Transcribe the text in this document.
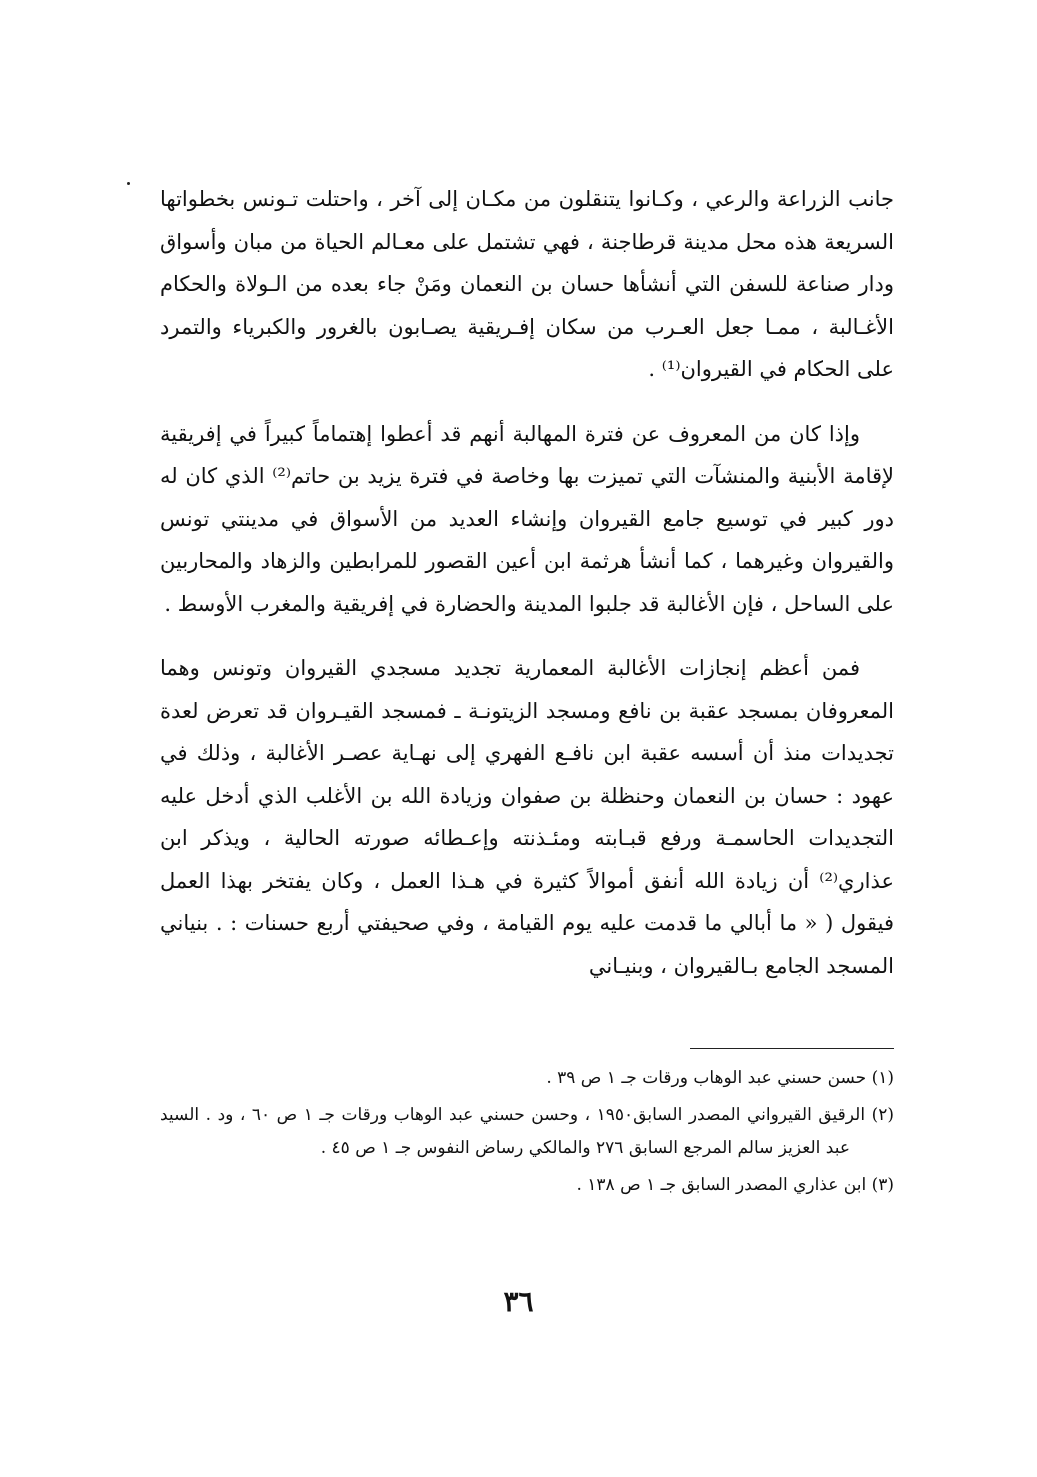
جانب الزراعة والرعي ، وكـانوا يتنقلون من مكـان إلى آخر ، واحتلت تـونس بخطواتها السريعة هذه محل مدينة قرطاجنة ، فهي تشتمل على معـالم الحياة من مبان وأسواق ودار صناعة للسفن التي أنشأها حسان بن النعمان ومَنْ جاء بعده من الـولاة والحكام الأغـالبة ، ممـا جعل العـرب من سكان إفـريقية يصـابون بالغرور والكبرياء والتمرد على الحكام في القيروان⁽¹⁾ .

وإذا كان من المعروف عن فترة المهالبة أنهم قد أعطوا إهتماماً كبيراً في إفريقية لإقامة الأبنية والمنشآت التي تميزت بها وخاصة في فترة يزيد بن حاتم⁽²⁾ الذي كان له دور كبير في توسيع جامع القيروان وإنشاء العديد من الأسواق في مدينتي تونس والقيروان وغيرهما ، كما أنشأ هرثمة ابن أعين القصور للمرابطين والزهاد والمحاربين على الساحل ، فإن الأغالبة قد جلبوا المدينة والحضارة في إفريقية والمغرب الأوسط .

فمن أعظم إنجازات الأغالبة المعمارية تجديد مسجدي القيروان وتونس وهما المعروفان بمسجد عقبة بن نافع ومسجد الزيتونـة ـ فمسجد القيـروان قد تعرض لعدة تجديدات منذ أن أسسه عقبة ابن نافـع الفهري إلى نهـاية عصـر الأغالبة ، وذلك في عهود : حسان بن النعمان وحنظلة بن صفوان وزيادة الله بن الأغلب الذي أدخل عليه التجديدات الحاسمـة ورفع قبـابته ومئـذنته وإعـطائه صورته الحالية ، ويذكر ابن عذاري⁽²⁾ أن زيادة الله أنفق أموالاً كثيرة في هـذا العمل ، وكان يفتخر بهذا العمل فيقول ( « ما أبالي ما قدمت عليه يوم القيامة ، وفي صحيفتي أربع حسنات : . بنياني المسجد الجامع بـالقيروان ، وبنيـاني

(١) حسن حسني عبد الوهاب ورقات جـ ١ ص ٣٩ .

(٢) الرقيق القيرواني المصدر السابق١٩٥٠ ، وحسن حسني عبد الوهاب ورقات جـ ١ ص ٦٠ ، ود . السيد عبد العزيز سالم المرجع السابق ٢٧٦ والمالكي رساض النفوس جـ ١ ص ٤٥ .

(٣) ابن عذاري المصدر السابق جـ ١ ص ١٣٨ .

٣٦
